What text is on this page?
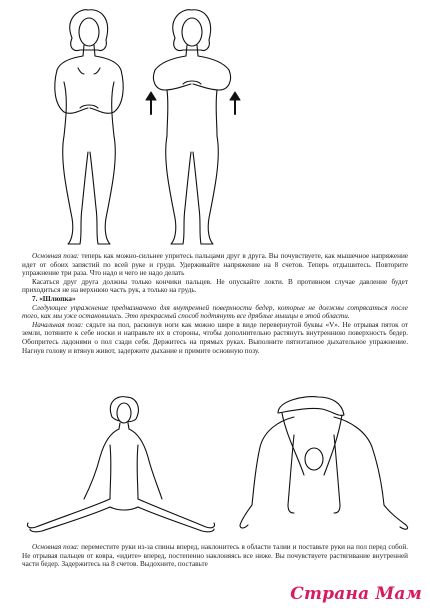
Основная поза: теперь как можно-сильнее упритесь пальцами друг в друга. Вы почувствуете, как мышечное напряжение идет от обоих запястий по всей руке и груди. Удерживайте напряжение на 8 счетов. Теперь отдышитесь. Повторите упражнение три раза. Что надо и чего не надо делать

Касаться друг друга должны только кончики пальцев. Не опускайте локти. В противном случае давление будет приходиться не на верхнюю часть рук, а только на грудь.

7. «Шлюпка»

Следующее упражнение предназначено для внутренней поверхности бедер, которые не должны сотрясаться после того, как мы уже остановились. Это прекрасный способ подтянуть все дряблые мышцы в этой области.

Начальная поза: сядьте на пол, раскинув ноги как можно шире в виде перевернутой буквы «V». Не отрывая пяток от земли, потяните к себе носки и направьте их в стороны, чтобы дополнительно растянуть внутреннюю поверхность бедер. Обопритесь ладонями о пол сзади себя. Держитесь на прямых руках. Выполните пятиэтапное дыхательное упражнение. Нагнув голову и втянув живот, задержите дыхание и примите основную позу.

Основная поза: переместите руки из-за спины вперед, наклонитесь в области талии и поставьте руки на пол перед собой. Не отрывая пальцев от ковра, «идите» вперед, постепенно наклоняясь все ниже. Вы почувствуете растягивание внутренней части бедер. Задержитесь на 8 счетов. Выдохните, поставьте

Страна Мам
